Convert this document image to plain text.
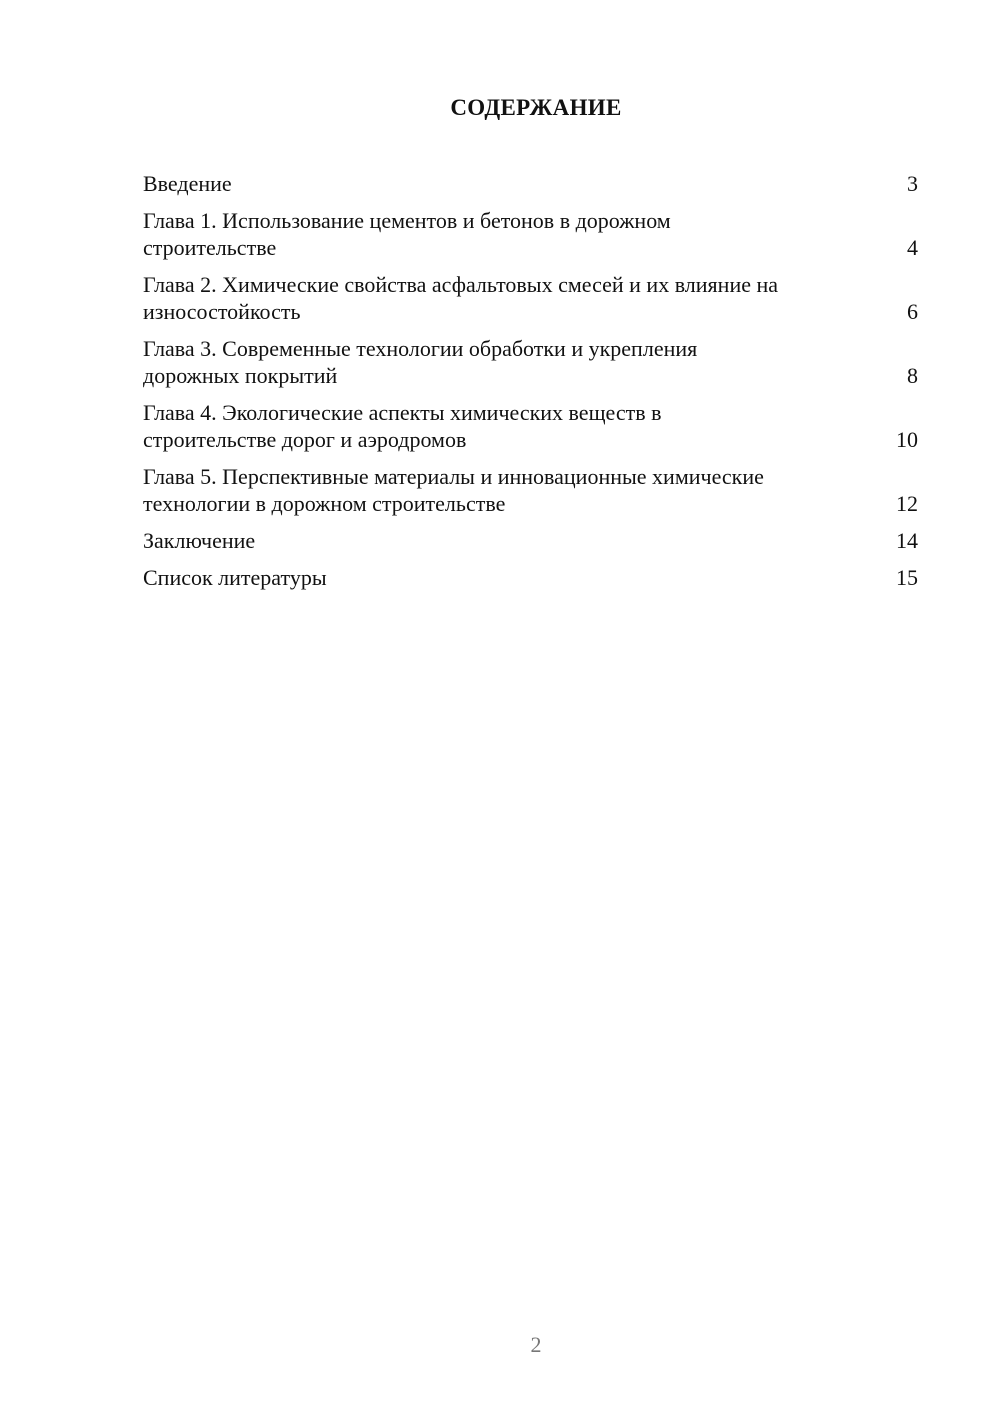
СОДЕРЖАНИЕ
Введение	3
Глава 1. Использование цементов и бетонов в дорожном строительстве	4
Глава 2. Химические свойства асфальтовых смесей и их влияние на износостойкость	6
Глава 3. Современные технологии обработки и укрепления дорожных покрытий	8
Глава 4. Экологические аспекты химических веществ в строительстве дорог и аэродромов	10
Глава 5. Перспективные материалы и инновационные химические технологии в дорожном строительстве	12
Заключение	14
Список литературы	15
2
